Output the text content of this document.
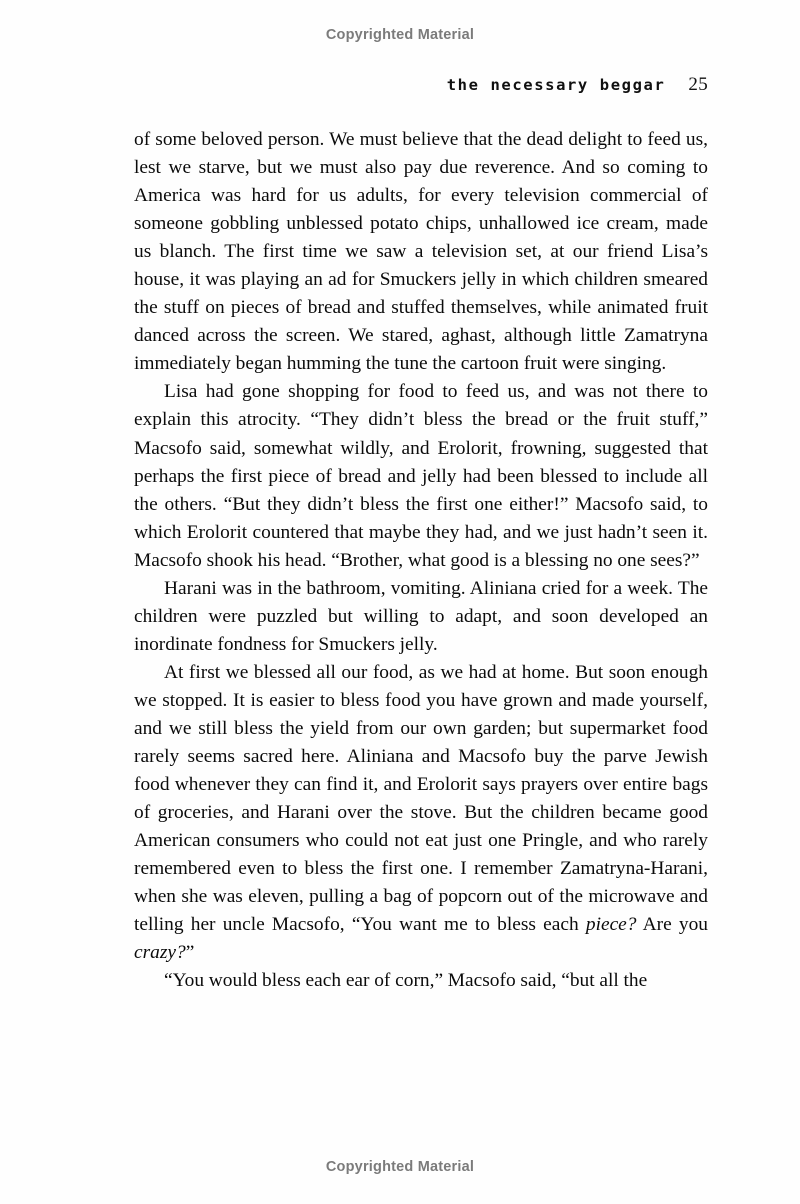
Copyrighted Material
the necessary beggar 25

of some beloved person. We must believe that the dead delight to feed us, lest we starve, but we must also pay due reverence. And so coming to America was hard for us adults, for every television commercial of someone gobbling unblessed potato chips, unhallowed ice cream, made us blanch. The first time we saw a television set, at our friend Lisa’s house, it was playing an ad for Smuckers jelly in which children smeared the stuff on pieces of bread and stuffed themselves, while animated fruit danced across the screen. We stared, aghast, although little Zamatryna immediately began humming the tune the cartoon fruit were singing.

Lisa had gone shopping for food to feed us, and was not there to explain this atrocity. “They didn’t bless the bread or the fruit stuff,” Macsofo said, somewhat wildly, and Erolorit, frowning, suggested that perhaps the first piece of bread and jelly had been blessed to include all the others. “But they didn’t bless the first one either!” Macsofo said, to which Erolorit countered that maybe they had, and we just hadn’t seen it. Macsofo shook his head. “Brother, what good is a blessing no one sees?”

Harani was in the bathroom, vomiting. Aliniana cried for a week. The children were puzzled but willing to adapt, and soon developed an inordinate fondness for Smuckers jelly.

At first we blessed all our food, as we had at home. But soon enough we stopped. It is easier to bless food you have grown and made yourself, and we still bless the yield from our own garden; but supermarket food rarely seems sacred here. Aliniana and Macsofo buy the parve Jewish food whenever they can find it, and Erolorit says prayers over entire bags of groceries, and Harani over the stove. But the children became good American consumers who could not eat just one Pringle, and who rarely remembered even to bless the first one. I remember Zamatryna-Harani, when she was eleven, pulling a bag of popcorn out of the microwave and telling her uncle Macsofo, “You want me to bless each piece? Are you crazy?”

“You would bless each ear of corn,” Macsofo said, “but all the

Copyrighted Material
